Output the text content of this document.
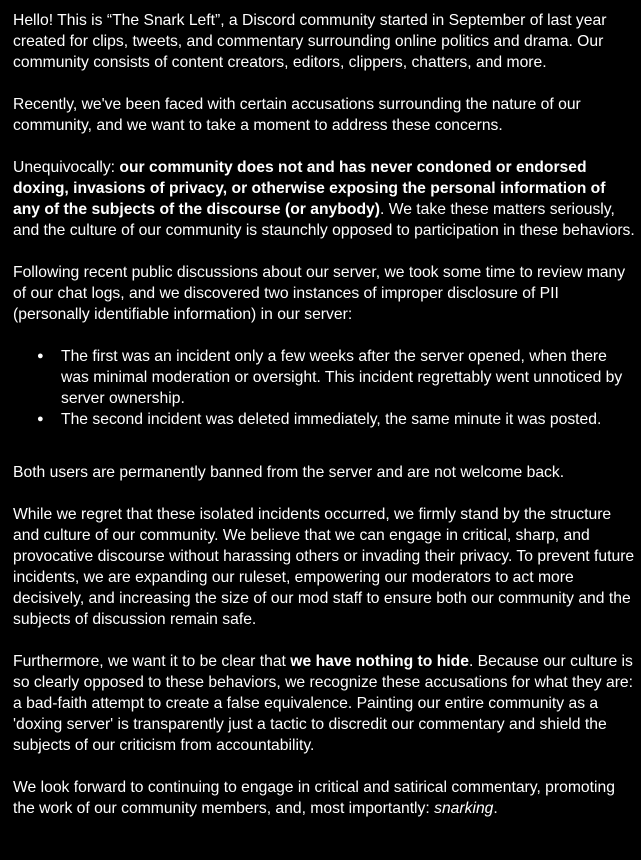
Hello! This is “The Snark Left”, a Discord community started in September of last year created for clips, tweets, and commentary surrounding online politics and drama. Our community consists of content creators, editors, clippers, chatters, and more.

Recently, we've been faced with certain accusations surrounding the nature of our community, and we want to take a moment to address these concerns.

Unequivocally: our community does not and has never condoned or endorsed doxing, invasions of privacy, or otherwise exposing the personal information of any of the subjects of the discourse (or anybody). We take these matters seriously, and the culture of our community is staunchly opposed to participation in these behaviors.

Following recent public discussions about our server, we took some time to review many of our chat logs, and we discovered two instances of improper disclosure of PII (personally identifiable information) in our server:

● The first was an incident only a few weeks after the server opened, when there was minimal moderation or oversight. This incident regrettably went unnoticed by server ownership.
● The second incident was deleted immediately, the same minute it was posted.

Both users are permanently banned from the server and are not welcome back.

While we regret that these isolated incidents occurred, we firmly stand by the structure and culture of our community. We believe that we can engage in critical, sharp, and provocative discourse without harassing others or invading their privacy. To prevent future incidents, we are expanding our ruleset, empowering our moderators to act more decisively, and increasing the size of our mod staff to ensure both our community and the subjects of discussion remain safe.

Furthermore, we want it to be clear that we have nothing to hide. Because our culture is so clearly opposed to these behaviors, we recognize these accusations for what they are: a bad-faith attempt to create a false equivalence. Painting our entire community as a 'doxing server' is transparently just a tactic to discredit our commentary and shield the subjects of our criticism from accountability.

We look forward to continuing to engage in critical and satirical commentary, promoting the work of our community members, and, most importantly: snarking.
